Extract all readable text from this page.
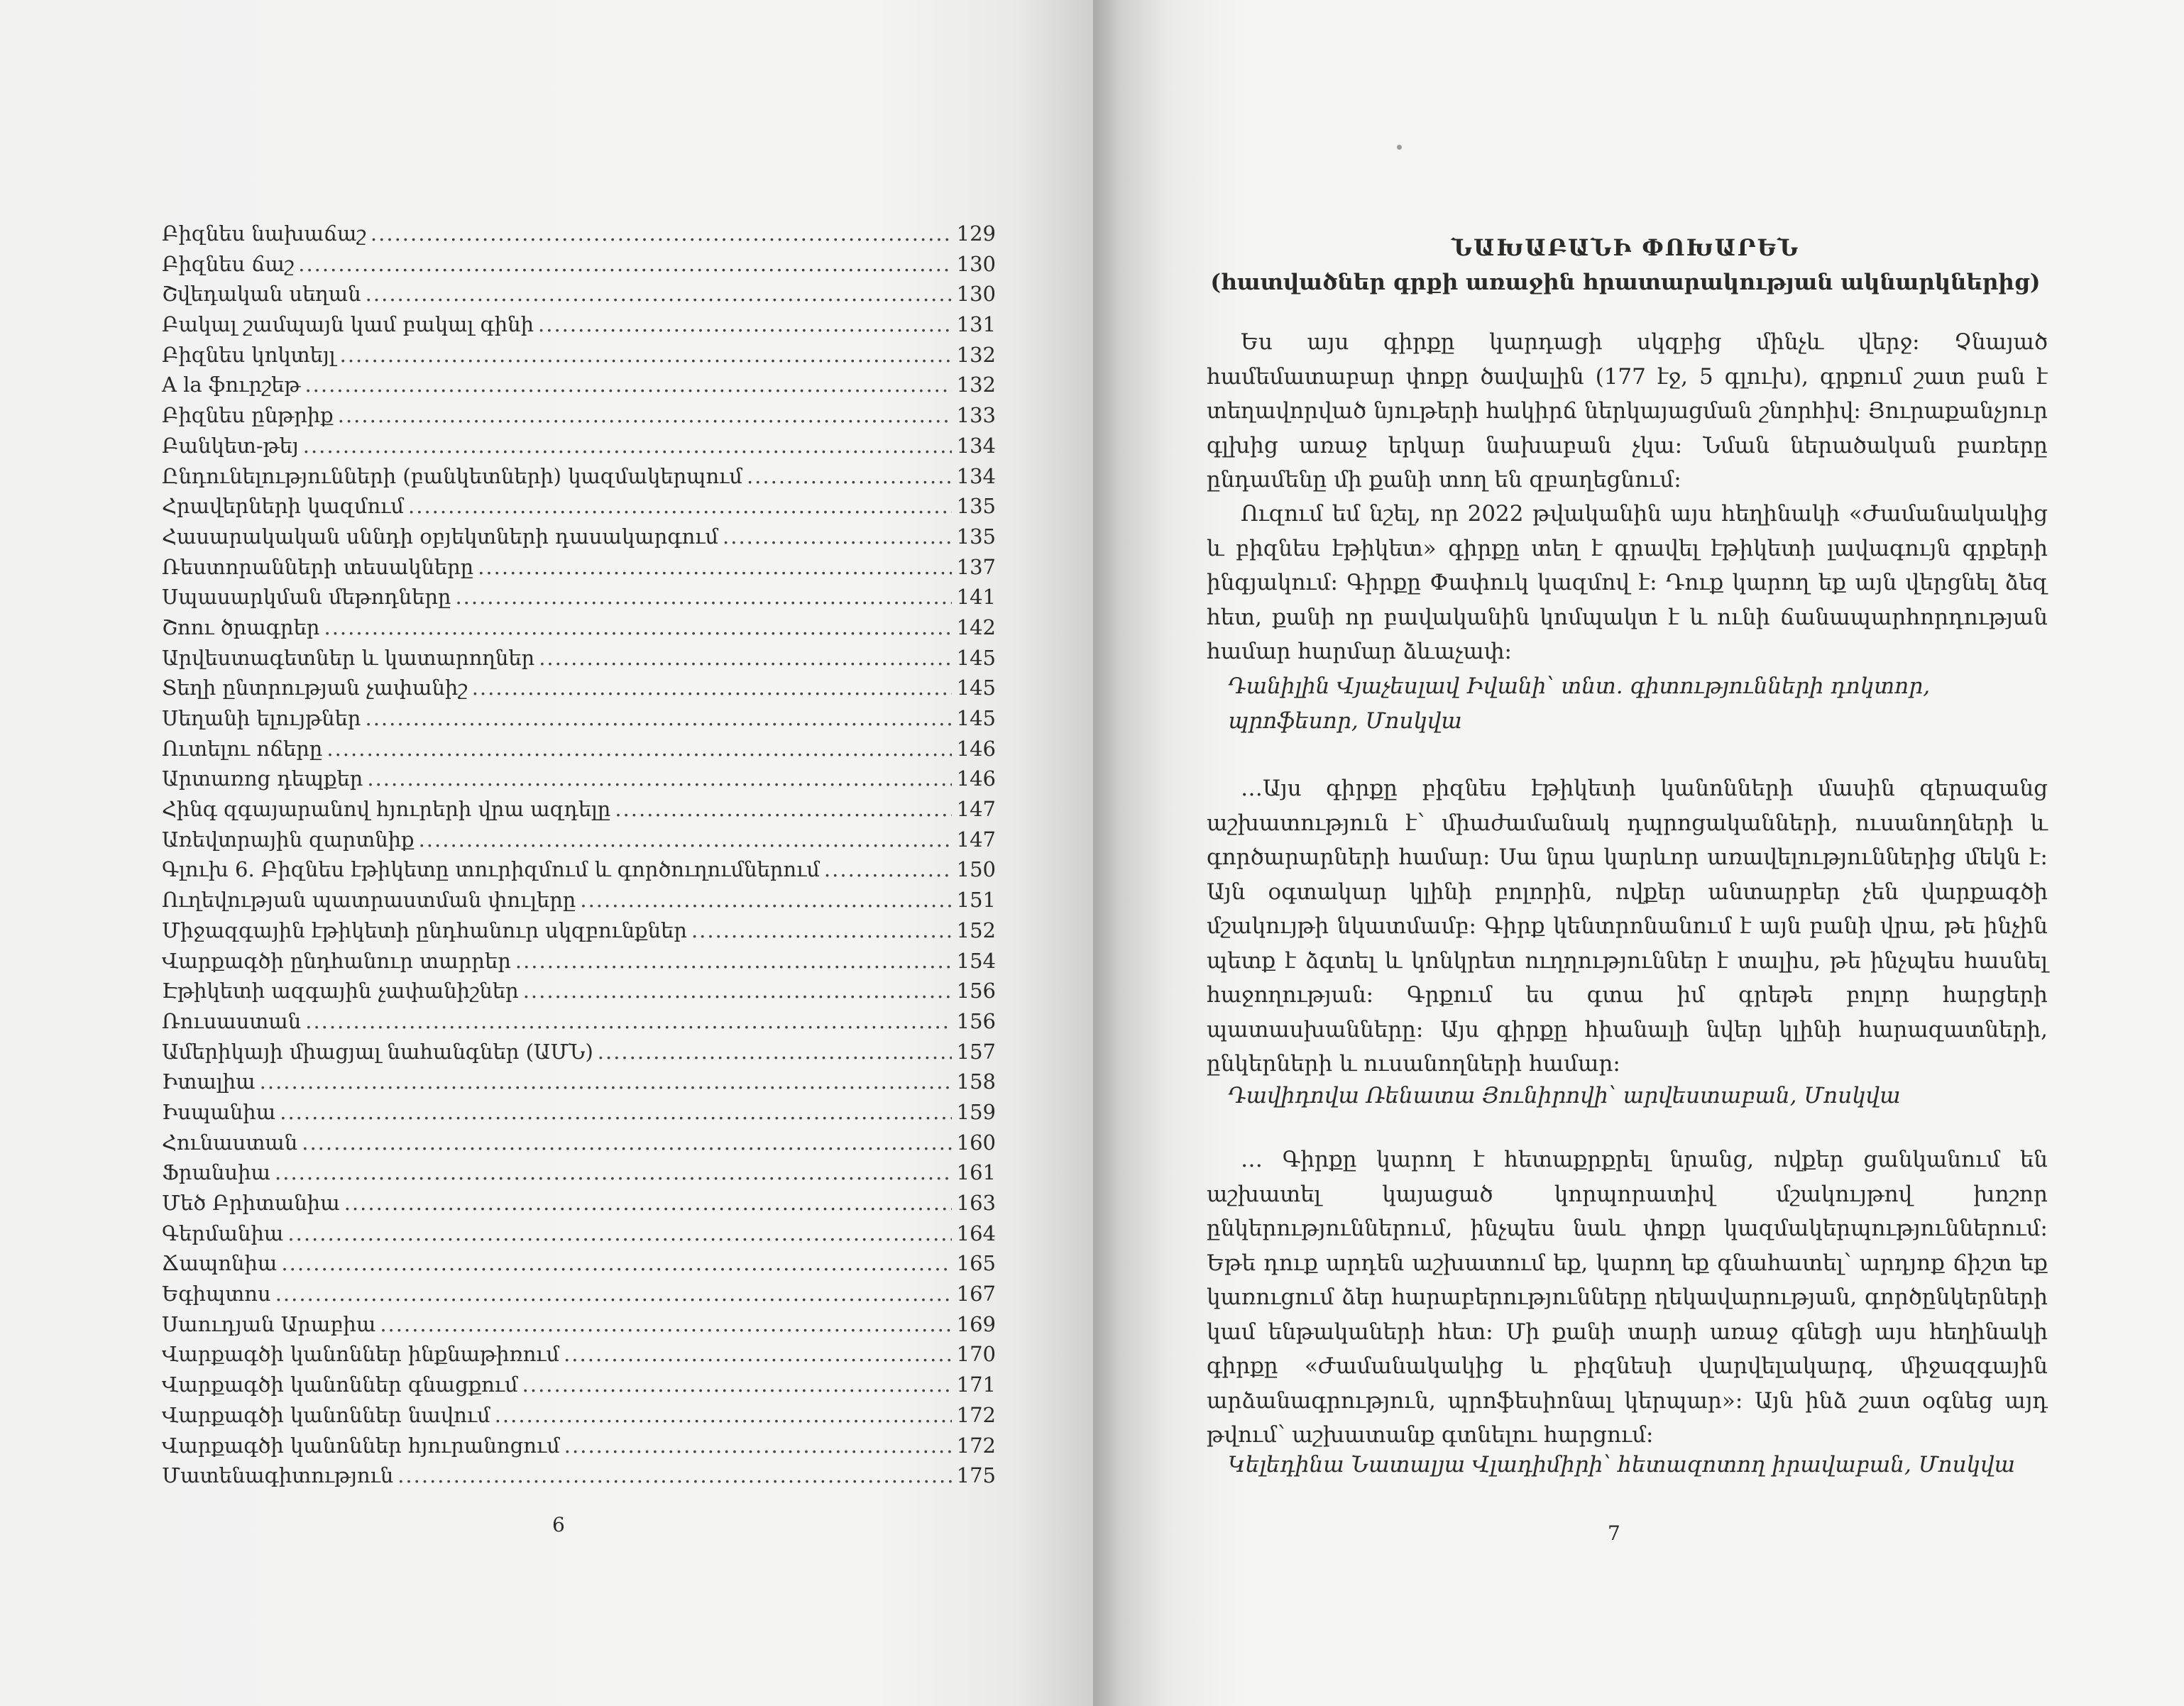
Բիզնես նախաճաշ .....	129
Բիզնես ճաշ .....	130
Շվեդական սեղան .....	130
Բակալ շամպայն կամ բակալ գինի .....	131
Բիզնես կոկտեյլ .....	132
A la ֆուրշեթ .....	132
Բիզնես ընթրիք .....	133
Բանկետ-թեյ .....	134
Ընդունելությունների (բանկետների) կազմակերպում .....	134
Հրավերների կազմում .....	135
Հասարակական սննդի օբյեկտների դասակարգում .....	135
Ռեստորանների տեսակները .....	137
Սպասարկման մեթոդները .....	141
Շոու ծրագրեր .....	142
Արվեստագետներ և կատարողներ .....	145
Տեղի ընտրության չափանիշ .....	145
Սեղանի ելույթներ .....	145
Ուտելու ոճերը .....	146
Արտառոց դեպքեր .....	146
Հինգ զգայարանով հյուրերի վրա ազդելը .....	147
Առեվտրային զարտնիք .....	147
Գլուխ 6. Բիզնես էթիկետը տուրիզմում և գործուղումներում .....	150
Ուղեվության պատրաստման փուլերը .....	151
Միջազգային էթիկետի ընդհանուր սկզբունքներ .....	152
Վարքագծի ընդհանուր տարրեր .....	154
Էթիկետի ազգային չափանիշներ .....	156
Ռուսաստան .....	156
Ամերիկայի միացյալ նահանգներ (ԱՄՆ) .....	157
Իտալիա .....	158
Իսպանիա .....	159
Հունաստան .....	160
Ֆրանսիա .....	161
Մեծ Բրիտանիա .....	163
Գերմանիա .....	164
Ճապոնիա .....	165
Եգիպտոս .....	167
Սաուդյան Արաբիա .....	169
Վարքագծի կանոններ ինքնաթիռում .....	170
Վարքագծի կանոններ գնացքում .....	171
Վարքագծի կանոններ նավում .....	172
Վարքագծի կանոններ հյուրանոցում .....	172
Մատենագիտություն .....	175
6
ՆԱԽԱԲԱՆԻ ՓՈԽԱՐԵՆ
(հատվածներ գրքի առաջին հրատարակության ակնարկներից)

Ես այս գիրքը կարդացի սկզբից մինչև վերջ: Չնայած համեմատաբար փոքր ծավալին (177 էջ, 5 գլուխ), գրքում շատ բան է տեղավորված նյութերի հակիրճ ներկայացման շնորհիվ: Յուրաքանչյուր գլխից առաջ երկար նախաբան չկա: Նման ներածական բառերը ընդամենը մի քանի տող են զբաղեցնում:

Ուզում եմ նշել, որ 2022 թվականին այս հեղինակի «Ժամանակակից և բիզնես էթիկետ» գիրքը տեղ է գրավել էթիկետի լավագույն գրքերի ինգյակում: Գիրքը Փափուկ կազմով է: Դուք կարող եք այն վերցնել ձեզ հետ, քանի որ բավականին կոմպակտ է և ունի ճանապարհորդության համար հարմար ձևաչափ:

Դանիլին Վյաչեսլավ Իվանի՝ տնտ. գիտությունների դոկտոր, պրոֆեսոր, Մոսկվա

…Այս գիրքը բիզնես էթիկետի կանոնների մասին զերազանց աշխատություն է՝ միաժամանակ դպրոցականների, ուսանողների և գործարարների համար: Սա նրա կարևոր առավելություններից մեկն է: Այն օգտակար կլինի բոլորին, ովքեր անտարբեր չեն վարքագծի մշակույթի նկատմամբ: Գիրք կենտրոնանում է այն բանի վրա, թե ինչին պետք է ձգտել և կոնկրետ ուղղություններ է տալիս, թե ինչպես հասնել հաջողության: Գրքում ես գտա իմ գրեթե բոլոր հարցերի պատասխանները: Այս գիրքը հիանալի նվեր կլինի հարազատների, ընկերների և ուսանողների համար:

Դավիդովա Ռենատա Յունիրովի՝ արվեստաբան, Մոսկվա

… Գիրքը կարող է հետաքրքրել նրանց, ովքեր ցանկանում են աշխատել կայացած կորպորատիվ մշակույթով խոշոր ընկերություններում, ինչպես նաև փոքր կազմակերպություններում: Եթե դուք արդեն աշխատում եք, կարող եք գնահատել՝ արդյոք ճիշտ եք կառուցում ձեր հարաբերությունները ղեկավարության, գործընկերների կամ ենթակաների հետ: Մի քանի տարի առաջ գնեցի այս հեղինակի գիրքը «Ժամանակակից և բիզնեսի վարվելակարգ, միջազգային արձանագրություն, պրոֆեսիոնալ կերպար»: Այն ինձ շատ օգնեց այդ թվում՝ աշխատանք գտնելու հարցում:

Կելեդինա Նատալյա Վլադիմիրի՝ հետազոտող իրավաբան, Մոսկվա

7
